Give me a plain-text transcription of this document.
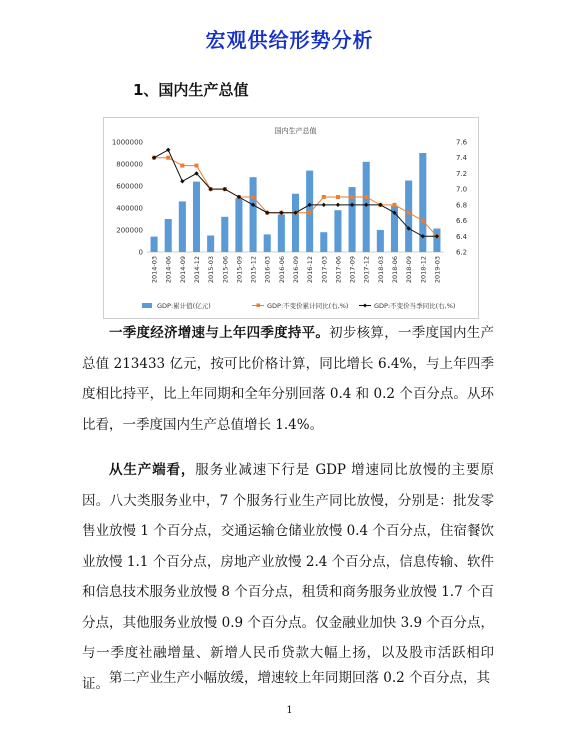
宏观供给形势分析
1、国内生产总值
国内生产总值
0
200000
400000
600000
800000
1000000
6.2
6.4
6.6
6.8
7.0
7.2
7.4
7.6
2014-03 2014-06 2014-09 2014-12 2015-03 2015-06 2015-09 2015-12 2016-03 2016-06 2016-09 2016-12 2017-03 2017-06 2017-09 2017-12 2018-03 2018-06 2018-09 2018-12 2019-03
GDP:累计值(亿元)	GDP:不变价累计同比(右,%)	GDP:不变价当季同比(右,%)
一季度经济增速与上年四季度持平。初步核算，一季度国内生产总值 213433 亿元，按可比价格计算，同比增长 6.4%，与上年四季度相比持平，比上年同期和全年分别回落 0.4 和 0.2 个百分点。从环比看，一季度国内生产总值增长 1.4%。
从生产端看，服务业减速下行是 GDP 增速同比放慢的主要原因。八大类服务业中，7 个服务行业生产同比放慢，分别是：批发零售业放慢 1 个百分点，交通运输仓储业放慢 0.4 个百分点，住宿餐饮业放慢 1.1 个百分点，房地产业放慢 2.4 个百分点，信息传输、软件和信息技术服务业放慢 8 个百分点，租赁和商务服务业放慢 1.7 个百分点，其他服务业放慢 0.9 个百分点。仅金融业加快 3.9 个百分点，与一季度社融增量、新增人民币贷款大幅上扬，以及股市活跃相印证。 第二产业生产小幅放缓，增速较上年同期回落 0.2 个百分点，其
1
